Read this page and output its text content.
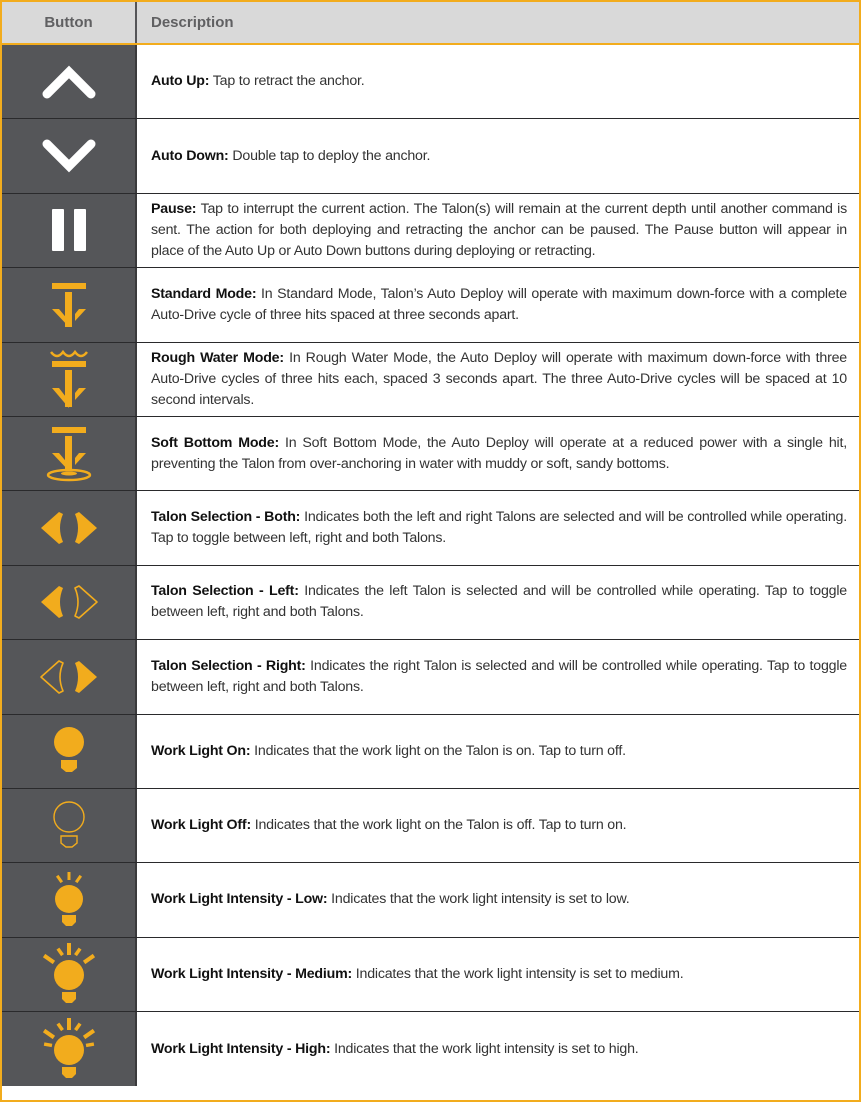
Button	Description
Auto Up: Tap to retract the anchor.
Auto Down: Double tap to deploy the anchor.
Pause: Tap to interrupt the current action. The Talon(s) will remain at the current depth until another command is sent. The action for both deploying and retracting the anchor can be paused. The Pause button will appear in place of the Auto Up or Auto Down buttons during deploying or retracting.
Standard Mode: In Standard Mode, Talon’s Auto Deploy will operate with maximum down-force with a complete Auto-Drive cycle of three hits spaced at three seconds apart.
Rough Water Mode: In Rough Water Mode, the Auto Deploy will operate with maximum down-force with three Auto-Drive cycles of three hits each, spaced 3 seconds apart. The three Auto-Drive cycles will be spaced at 10 second intervals.
Soft Bottom Mode: In Soft Bottom Mode, the Auto Deploy will operate at a reduced power with a single hit, preventing the Talon from over-anchoring in water with muddy or soft, sandy bottoms.
Talon Selection - Both: Indicates both the left and right Talons are selected and will be controlled while operating. Tap to toggle between left, right and both Talons.
Talon Selection - Left: Indicates the left Talon is selected and will be controlled while operating. Tap to toggle between left, right and both Talons.
Talon Selection - Right: Indicates the right Talon is selected and will be controlled while operating. Tap to toggle between left, right and both Talons.
Work Light On: Indicates that the work light on the Talon is on. Tap to turn off.
Work Light Off: Indicates that the work light on the Talon is off. Tap to turn on.
Work Light Intensity - Low: Indicates that the work light intensity is set to low.
Work Light Intensity - Medium: Indicates that the work light intensity is set to medium.
Work Light Intensity - High: Indicates that the work light intensity is set to high.
